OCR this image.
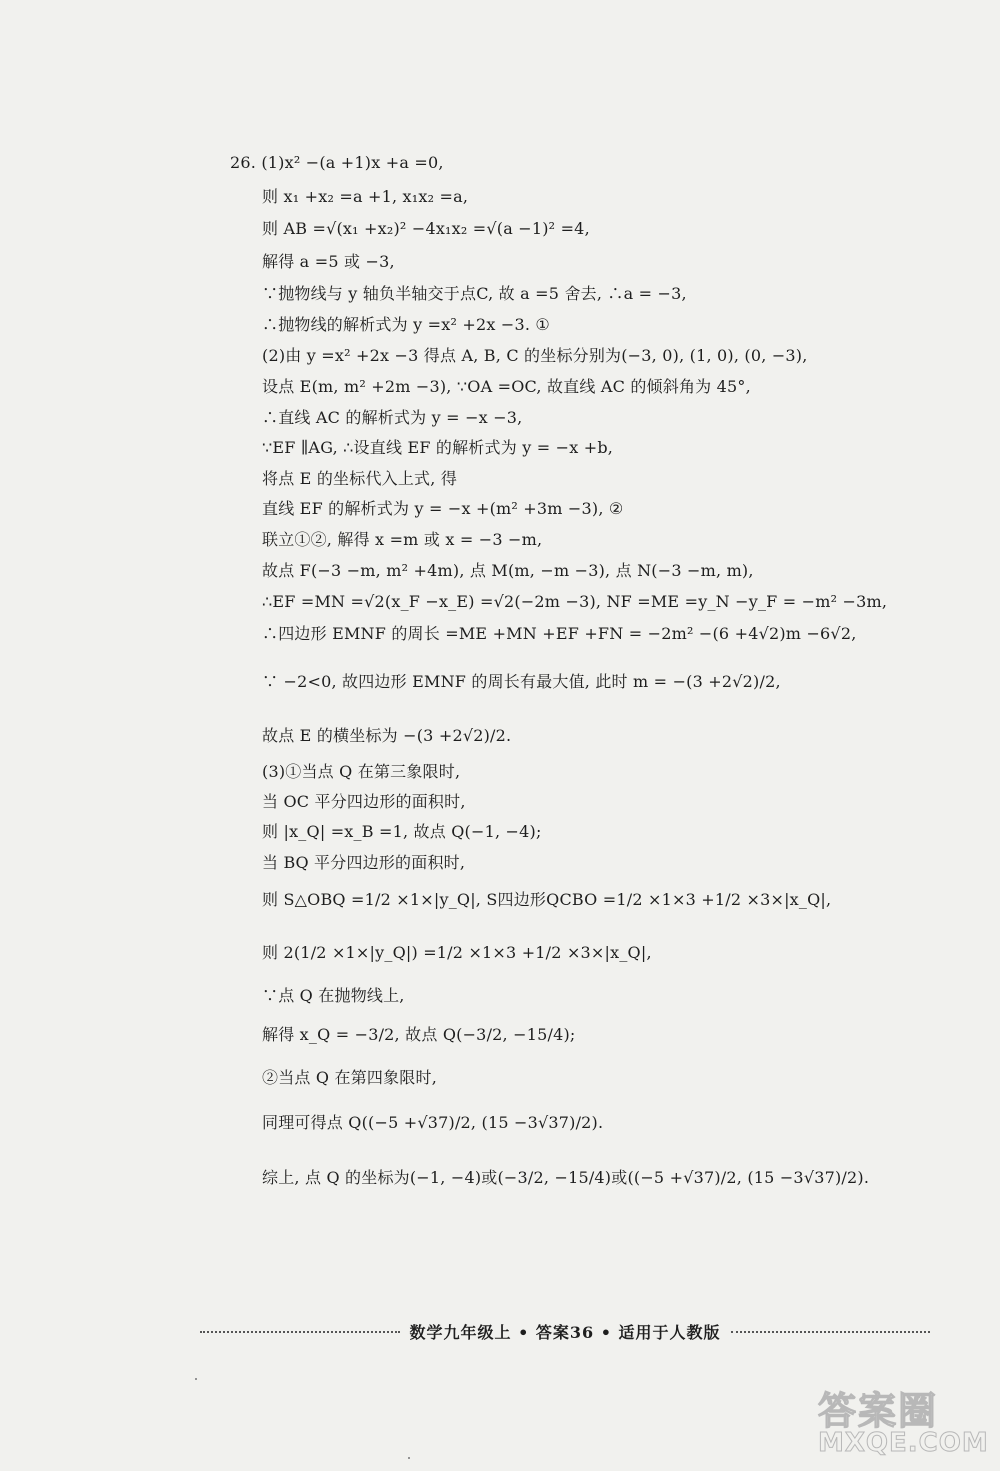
26. (1)x² −(a +1)x +a =0,
则 x₁ +x₂ =a +1, x₁x₂ =a,
则 AB =√(x₁ +x₂)² −4x₁x₂ =√(a −1)² =4,
解得 a =5 或 −3,
∵抛物线与 y 轴负半轴交于点C, 故 a =5 舍去, ∴a = −3,
∴抛物线的解析式为 y =x² +2x −3. ①
(2)由 y =x² +2x −3 得点 A, B, C 的坐标分别为(−3, 0), (1, 0), (0, −3),
设点 E(m, m² +2m −3), ∵OA =OC, 故直线 AC 的倾斜角为 45°,
∴直线 AC 的解析式为 y = −x −3,
∵EF ∥AG, ∴设直线 EF 的解析式为 y = −x +b,
将点 E 的坐标代入上式, 得
直线 EF 的解析式为 y = −x +(m² +3m −3), ②
联立①②, 解得 x =m 或 x = −3 −m,
故点 F(−3 −m, m² +4m), 点 M(m, −m −3), 点 N(−3 −m, m),
∴EF =MN =√2(x_F −x_E) =√2(−2m −3), NF =ME =y_N −y_F = −m² −3m,
∴四边形 EMNF 的周长 =ME +MN +EF +FN = −2m² −(6 +4√2)m −6√2,
∵ −2<0, 故四边形 EMNF 的周长有最大值, 此时 m = −(3 +2√2)/2,
故点 E 的横坐标为 −(3 +2√2)/2.
(3)①当点 Q 在第三象限时,
当 OC 平分四边形的面积时,
则 |x_Q| =x_B =1, 故点 Q(−1, −4);
当 BQ 平分四边形的面积时,
则 S△OBQ =1/2 ×1×|y_Q|, S四边形QCBO =1/2 ×1×3 +1/2 ×3×|x_Q|,
则 2(1/2 ×1×|y_Q|) =1/2 ×1×3 +1/2 ×3×|x_Q|,
∵点 Q 在抛物线上,
解得 x_Q = −3/2, 故点 Q(−3/2, −15/4);
②当点 Q 在第四象限时,
同理可得点 Q((−5 +√37)/2, (15 −3√37)/2).
综上, 点 Q 的坐标为(−1, −4)或(−3/2, −15/4)或((−5 +√37)/2, (15 −3√37)/2).
数学九年级上 • 答案36 • 适用于人教版
答案圈
MXQE.COM
